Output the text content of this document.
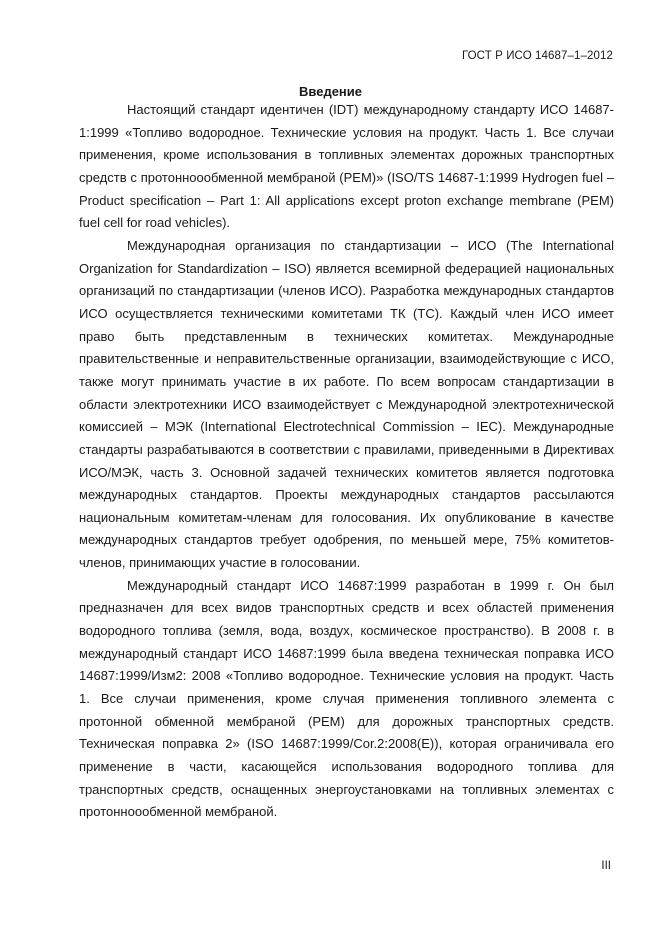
ГОСТ Р ИСО 14687–1–2012
Введение

Настоящий стандарт идентичен (IDT) международному стандарту ИСО 14687-1:1999 «Топливо водородное. Технические условия на продукт. Часть 1. Все случаи применения, кроме использования в топливных элементах дорожных транспортных средств с протонноообменной мембраной (PEM)» (ISO/TS 14687-1:1999 Hydrogen fuel – Product specification – Part 1: All applications except proton exchange membrane (PEM) fuel cell for road vehicles).

Международная организация по стандартизации – ИСО (The International Organization for Standardization – ISO) является всемирной федерацией национальных организаций по стандартизации (членов ИСО). Разработка международных стандартов ИСО осуществляется техническими комитетами ТК (ТС). Каждый член ИСО имеет право быть представленным в технических комитетах. Международные правительственные и неправительственные организации, взаимодействующие с ИСО, также могут принимать участие в их работе. По всем вопросам стандартизации в области электротехники ИСО взаимодействует с Международной электротехнической комиссией – МЭК (International Electrotechnical Commission – IEC). Международные стандарты разрабатываются в соответствии с правилами, приведенными в Директивах ИСО/МЭК, часть 3. Основной задачей технических комитетов является подготовка международных стандартов. Проекты международных стандартов рассылаются национальным комитетам-членам для голосования. Их опубликование в качестве международных стандартов требует одобрения, по меньшей мере, 75% комитетов-членов, принимающих участие в голосовании.

Международный стандарт ИСО 14687:1999 разработан в 1999 г. Он был предназначен для всех видов транспортных средств и всех областей применения водородного топлива (земля, вода, воздух, космическое пространство). В 2008 г. в международный стандарт ИСО 14687:1999 была введена техническая поправка ИСО 14687:1999/Изм2: 2008 «Топливо водородное. Технические условия на продукт. Часть 1. Все случаи применения, кроме случая применения топливного элемента с протонной обменной мембраной (PEM) для дорожных транспортных средств. Техническая поправка 2» (ISO 14687:1999/Cor.2:2008(E)), которая ограничивала его применение в части, касающейся использования водородного топлива для транспортных средств, оснащенных энергоустановками на топливных элементах с протонноообменной мембраной.

III
